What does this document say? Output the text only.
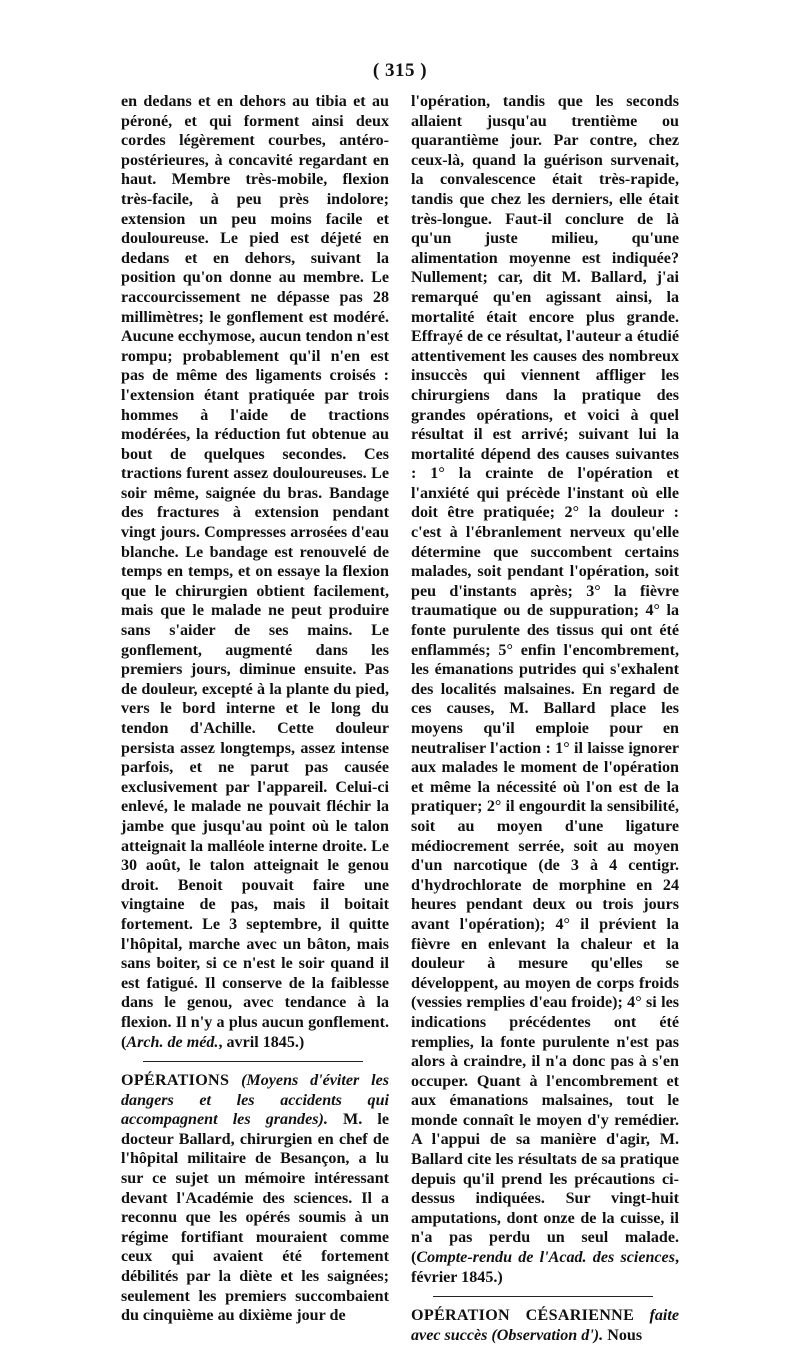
( 315 )

en dedans et en dehors au tibia et au péroné, et qui forment ainsi deux cordes légèrement courbes, antéro-postérieures, à concavité regardant en haut. Membre très-mobile, flexion très-facile, à peu près indolore; extension un peu moins facile et douloureuse. Le pied est déjeté en dedans et en dehors, suivant la position qu'on donne au membre. Le raccourcissement ne dépasse pas 28 millimètres; le gonflement est modéré. Aucune ecchymose, aucun tendon n'est rompu; probablement qu'il n'en est pas de même des ligaments croisés : l'extension étant pratiquée par trois hommes à l'aide de tractions modérées, la réduction fut obtenue au bout de quelques secondes. Ces tractions furent assez douloureuses. Le soir même, saignée du bras. Bandage des fractures à extension pendant vingt jours. Compresses arrosées d'eau blanche. Le bandage est renouvelé de temps en temps, et on essaye la flexion que le chirurgien obtient facilement, mais que le malade ne peut produire sans s'aider de ses mains. Le gonflement, augmenté dans les premiers jours, diminue ensuite. Pas de douleur, excepté à la plante du pied, vers le bord interne et le long du tendon d'Achille. Cette douleur persista assez longtemps, assez intense parfois, et ne parut pas causée exclusivement par l'appareil. Celui-ci enlevé, le malade ne pouvait fléchir la jambe que jusqu'au point où le talon atteignait la malléole interne droite. Le 30 août, le talon atteignait le genou droit. Benoit pouvait faire une vingtaine de pas, mais il boitait fortement. Le 3 septembre, il quitte l'hôpital, marche avec un bâton, mais sans boiter, si ce n'est le soir quand il est fatigué. Il conserve de la faiblesse dans le genou, avec tendance à la flexion. Il n'y a plus aucun gonflement. (Arch. de méd., avril 1845.)

OPÉRATIONS (Moyens d'éviter les dangers et les accidents qui accompagnent les grandes). M. le docteur Ballard, chirurgien en chef de l'hôpital militaire de Besançon, a lu sur ce sujet un mémoire intéressant devant l'Académie des sciences. Il a reconnu que les opérés soumis à un régime fortifiant mouraient comme ceux qui avaient été fortement débilités par la diète et les saignées; seulement les premiers succombaient du cinquième au dixième jour de

l'opération, tandis que les seconds allaient jusqu'au trentième ou quarantième jour. Par contre, chez ceux-là, quand la guérison survenait, la convalescence était très-rapide, tandis que chez les derniers, elle était très-longue. Faut-il conclure de là qu'un juste milieu, qu'une alimentation moyenne est indiquée? Nullement; car, dit M. Ballard, j'ai remarqué qu'en agissant ainsi, la mortalité était encore plus grande. Effrayé de ce résultat, l'auteur a étudié attentivement les causes des nombreux insuccès qui viennent affliger les chirurgiens dans la pratique des grandes opérations, et voici à quel résultat il est arrivé; suivant lui la mortalité dépend des causes suivantes : 1° la crainte de l'opération et l'anxiété qui précède l'instant où elle doit être pratiquée; 2° la douleur : c'est à l'ébranlement nerveux qu'elle détermine que succombent certains malades, soit pendant l'opération, soit peu d'instants après; 3° la fièvre traumatique ou de suppuration; 4° la fonte purulente des tissus qui ont été enflammés; 5° enfin l'encombrement, les émanations putrides qui s'exhalent des localités malsaines. En regard de ces causes, M. Ballard place les moyens qu'il emploie pour en neutraliser l'action : 1° il laisse ignorer aux malades le moment de l'opération et même la nécessité où l'on est de la pratiquer; 2° il engourdit la sensibilité, soit au moyen d'une ligature médiocrement serrée, soit au moyen d'un narcotique (de 3 à 4 centigr. d'hydrochlorate de morphine en 24 heures pendant deux ou trois jours avant l'opération); 4° il prévient la fièvre en enlevant la chaleur et la douleur à mesure qu'elles se développent, au moyen de corps froids (vessies remplies d'eau froide); 4° si les indications précédentes ont été remplies, la fonte purulente n'est pas alors à craindre, il n'a donc pas à s'en occuper. Quant à l'encombrement et aux émanations malsaines, tout le monde connaît le moyen d'y remédier. A l'appui de sa manière d'agir, M. Ballard cite les résultats de sa pratique depuis qu'il prend les précautions ci-dessus indiquées. Sur vingt-huit amputations, dont onze de la cuisse, il n'a pas perdu un seul malade. (Compte-rendu de l'Acad. des sciences, février 1845.)

OPÉRATION CÉSARIENNE faite avec succès (Observation d'). Nous
